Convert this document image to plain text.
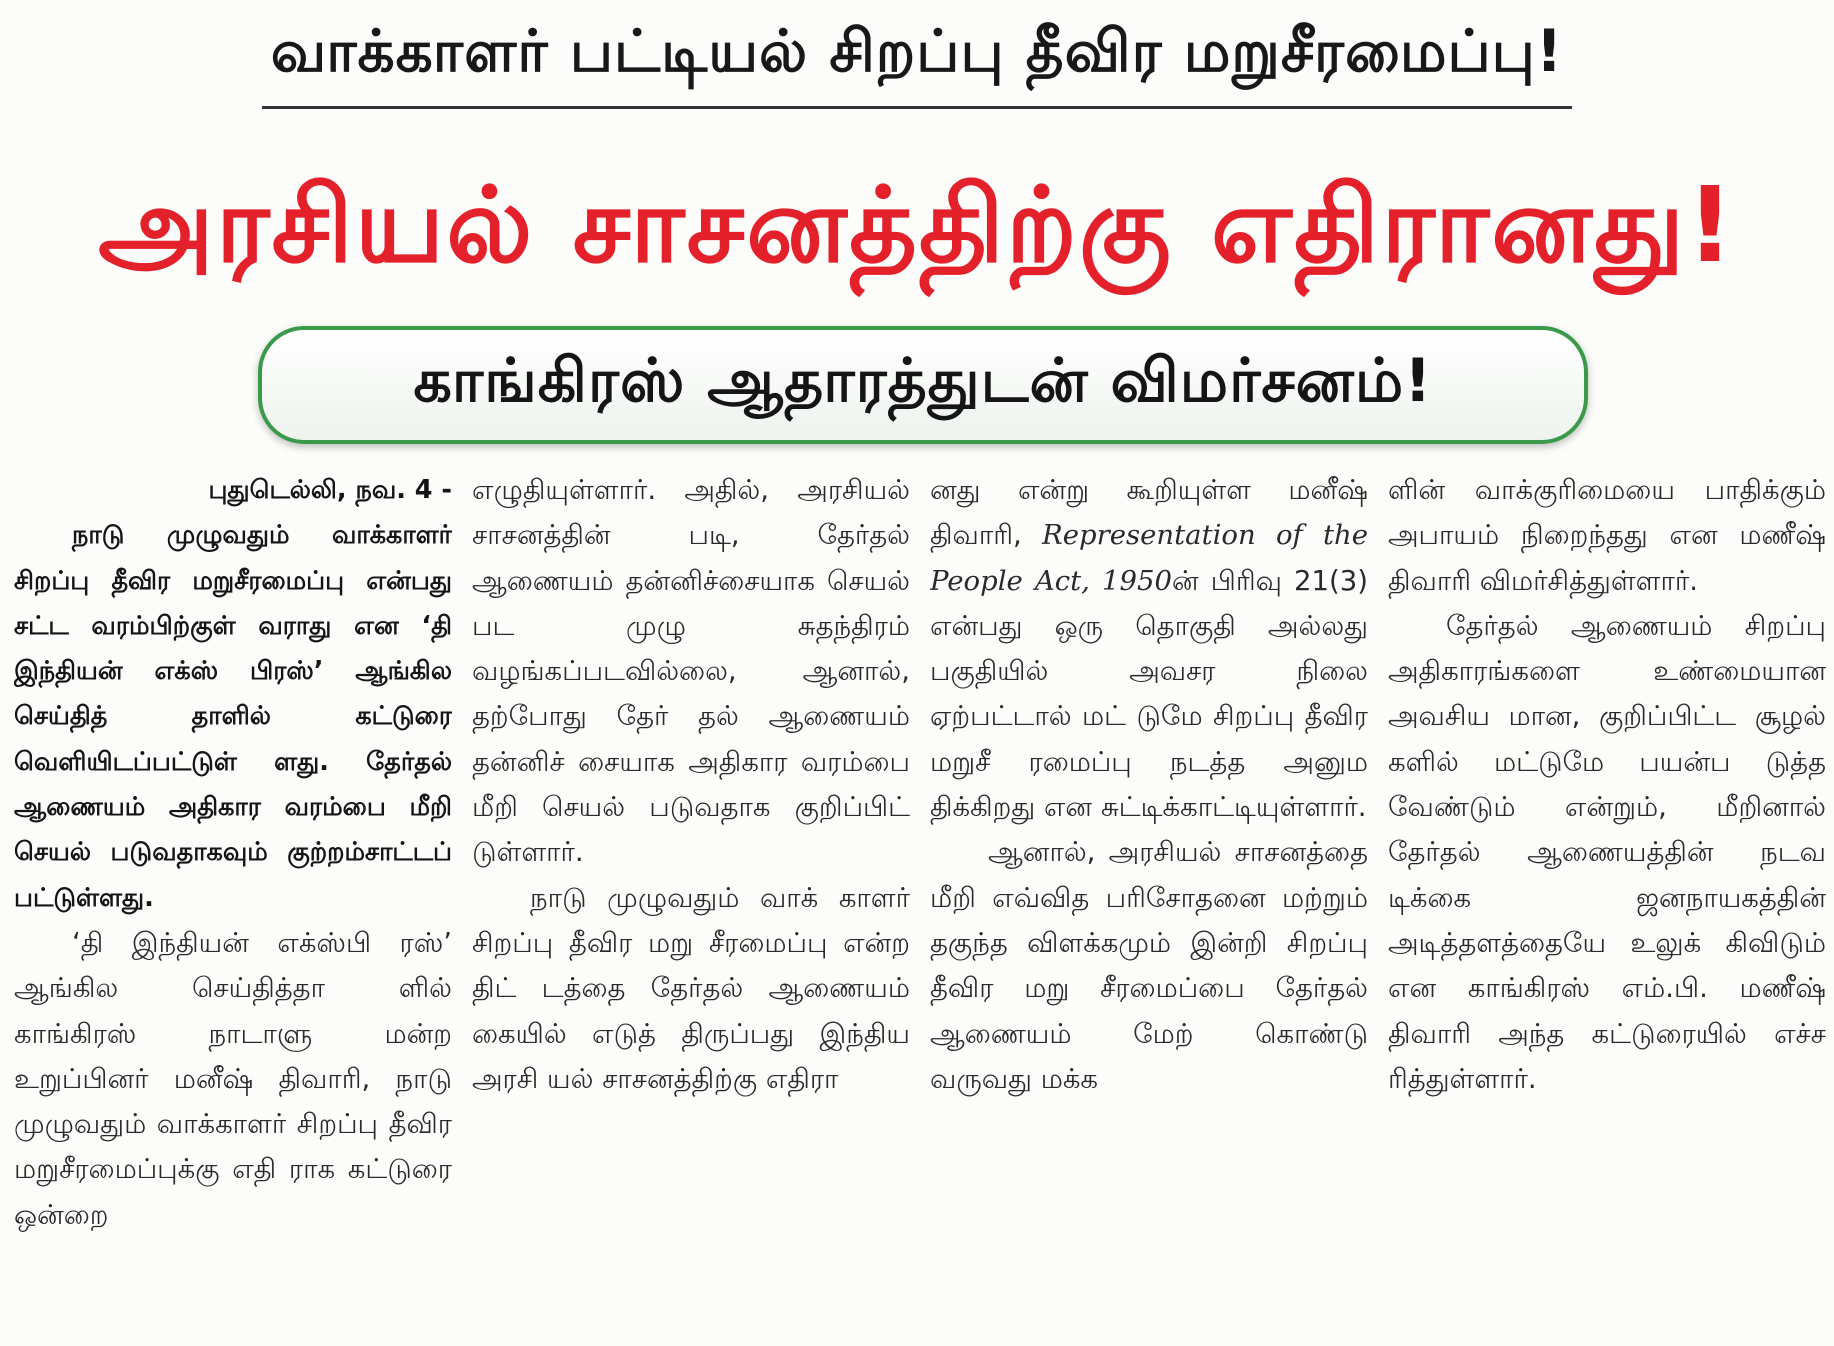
வாக்காளர் பட்டியல் சிறப்பு தீவிர மறுசீரமைப்பு!
அரசியல் சாசனத்திற்கு எதிரானது!
காங்கிரஸ் ஆதாரத்துடன் விமர்சனம்!

புதுடெல்லி, நவ. 4 -

நாடு முழுவதும் வாக்காளர் சிறப்பு தீவிர மறுசீரமைப்பு என்பது சட்ட வரம்பிற்குள் வராது என ‘தி இந்தியன் எக்ஸ் பிரஸ்’ ஆங்கில செய்தித் தாளில் கட்டுரை வெளியிடப்பட்டுள் ளது. தேர்தல் ஆணையம் அதிகார வரம்பை மீறி செயல் படுவதாகவும் குற்றம்சாட்டப் பட்டுள்ளது.

‘தி இந்தியன் எக்ஸ்பி ரஸ்’ ஆங்கில செய்தித்தா ளில் காங்கிரஸ் நாடாளு மன்ற உறுப்பினர் மனீஷ் திவாரி, நாடு முழுவதும் வாக்காளர் சிறப்பு தீவிர மறுசீரமைப்புக்கு எதி ராக கட்டுரை ஒன்றை

எழுதியுள்ளார். அதில், அரசியல் சாசனத்தின் படி, தேர்தல் ஆணையம் தன்னிச்சையாக செயல் பட முழு சுதந்திரம் வழங்கப்படவில்லை, ஆனால், தற்போது தேர் தல் ஆணையம் தன்னிச் சையாக அதிகார வரம்பை மீறி செயல் படுவதாக குறிப்பிட் டுள்ளார்.

நாடு முழுவதும் வாக் காளர் சிறப்பு தீவிர மறு சீரமைப்பு என்ற திட் டத்தை தேர்தல் ஆணையம் கையில் எடுத் திருப்பது இந்திய அரசி யல் சாசனத்திற்கு எதிரா

னது என்று கூறியுள்ள மனீஷ் திவாரி, Representation of the People Act, 1950ன் பிரிவு 21(3) என்பது ஒரு தொகுதி அல்லது பகுதியில் அவசர நிலை ஏற்பட்டால் மட் டுமே சிறப்பு தீவிர மறுசீ ரமைப்பு நடத்த அனும திக்கிறது என சுட்டிக்காட்டியுள்ளார்.

ஆனால், அரசியல் சாசனத்தை மீறி எவ்வித பரிசோதனை மற்றும் தகுந்த விளக்கமும் இன்றி சிறப்பு தீவிர மறு சீரமைப்பை தேர்தல் ஆணையம் மேற் கொண்டு வருவது மக்க

ளின் வாக்குரிமையை பாதிக்கும் அபாயம் நிறைந்தது என மணீஷ் திவாரி விமர்சித்துள்ளார்.

தேர்தல் ஆணையம் சிறப்பு அதிகாரங்களை உண்மையான அவசிய மான, குறிப்பிட்ட சூழல் களில் மட்டுமே பயன்ப டுத்த வேண்டும் என்றும், மீறினால் தேர்தல் ஆணையத்தின் நடவ டிக்கை ஜனநாயகத்தின் அடித்தளத்தையே உலுக் கிவிடும் என காங்கிரஸ் எம்.பி. மணீஷ் திவாரி அந்த கட்டுரையில் எச்ச ரித்துள்ளார்.
